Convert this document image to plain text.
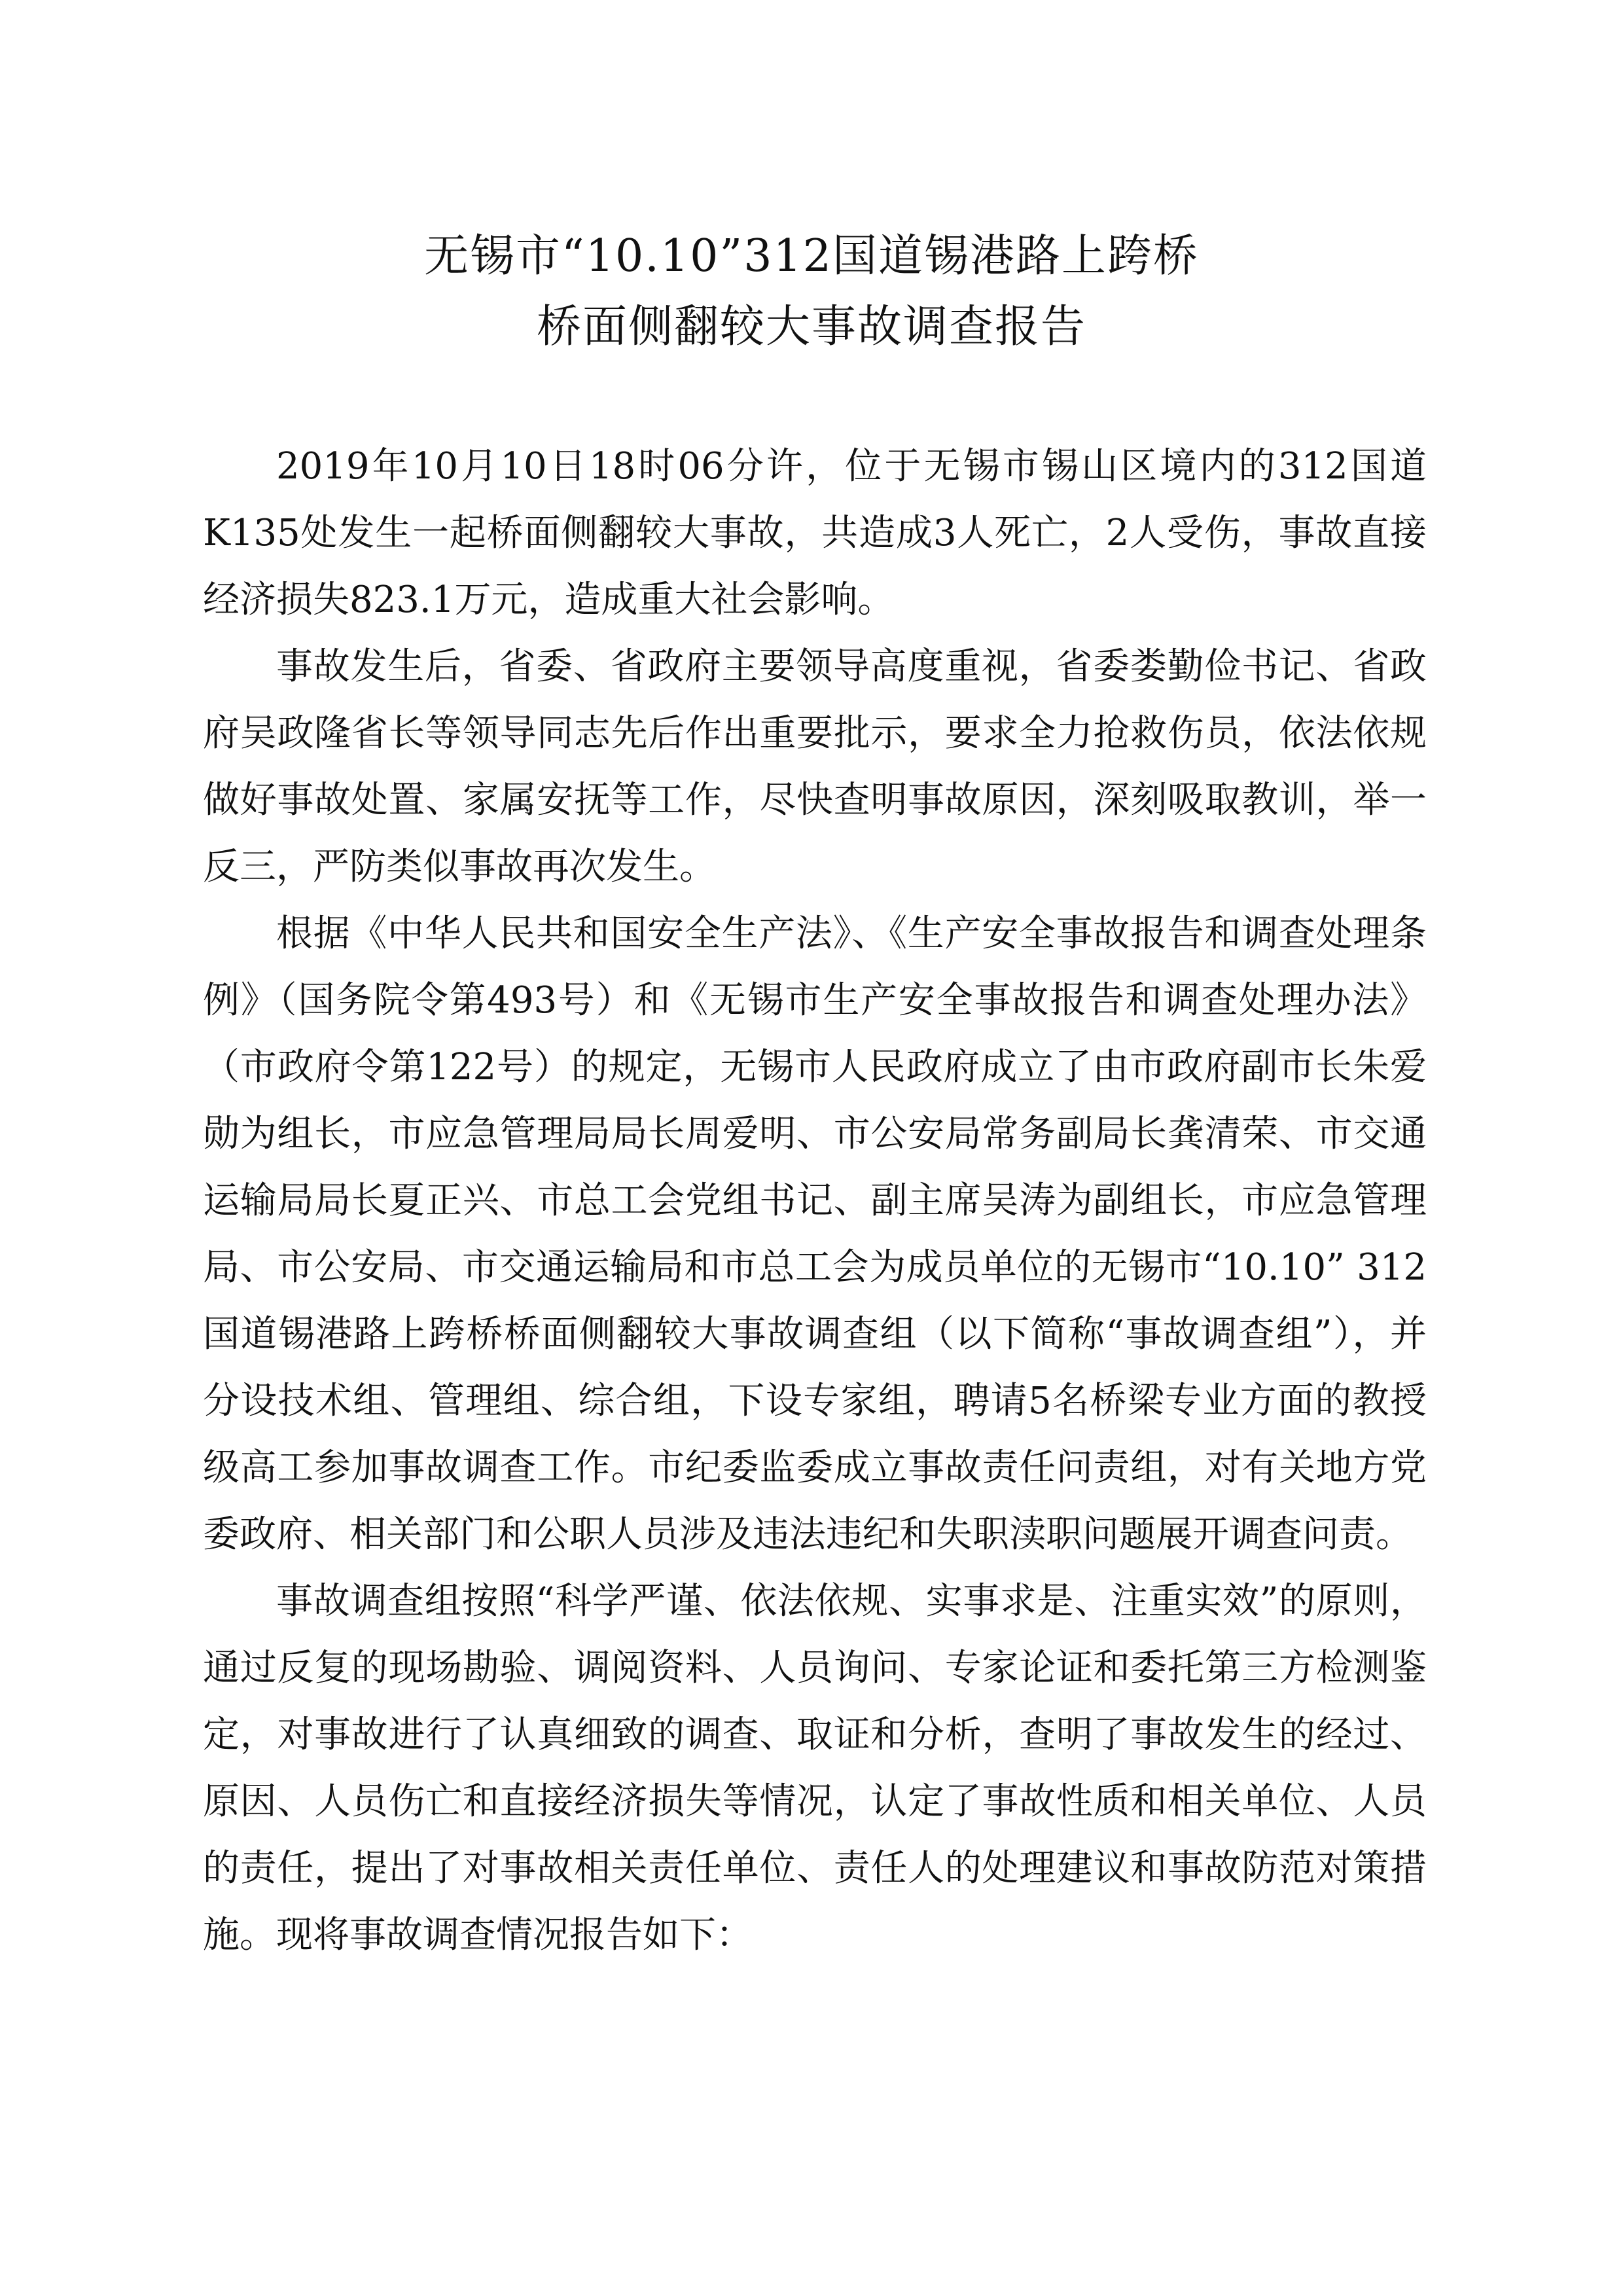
无锡市“10.10”312国道锡港路上跨桥
桥面侧翻较大事故调查报告

2019年10月10日18时06分许，位于无锡市锡山区境内的312国道K135处发生一起桥面侧翻较大事故，共造成3人死亡，2人受伤，事故直接经济损失823.1万元，造成重大社会影响。

事故发生后，省委、省政府主要领导高度重视，省委娄勤俭书记、省政府吴政隆省长等领导同志先后作出重要批示，要求全力抢救伤员，依法依规做好事故处置、家属安抚等工作，尽快查明事故原因，深刻吸取教训，举一反三，严防类似事故再次发生。

根据《中华人民共和国安全生产法》、《生产安全事故报告和调查处理条例》（国务院令第493号）和《无锡市生产安全事故报告和调查处理办法》（市政府令第122号）的规定，无锡市人民政府成立了由市政府副市长朱爱勋为组长，市应急管理局局长周爱明、市公安局常务副局长龚清荣、市交通运输局局长夏正兴、市总工会党组书记、副主席吴涛为副组长，市应急管理局、市公安局、市交通运输局和市总工会为成员单位的无锡市“10.10” 312国道锡港路上跨桥桥面侧翻较大事故调查组（以下简称“事故调查组”），并分设技术组、管理组、综合组，下设专家组，聘请5名桥梁专业方面的教授级高工参加事故调查工作。市纪委监委成立事故责任问责组，对有关地方党委政府、相关部门和公职人员涉及违法违纪和失职渎职问题展开调查问责。

事故调查组按照“科学严谨、依法依规、实事求是、注重实效”的原则，通过反复的现场勘验、调阅资料、人员询问、专家论证和委托第三方检测鉴定，对事故进行了认真细致的调查、取证和分析，查明了事故发生的经过、原因、人员伤亡和直接经济损失等情况，认定了事故性质和相关单位、人员的责任，提出了对事故相关责任单位、责任人的处理建议和事故防范对策措施。现将事故调查情况报告如下：
